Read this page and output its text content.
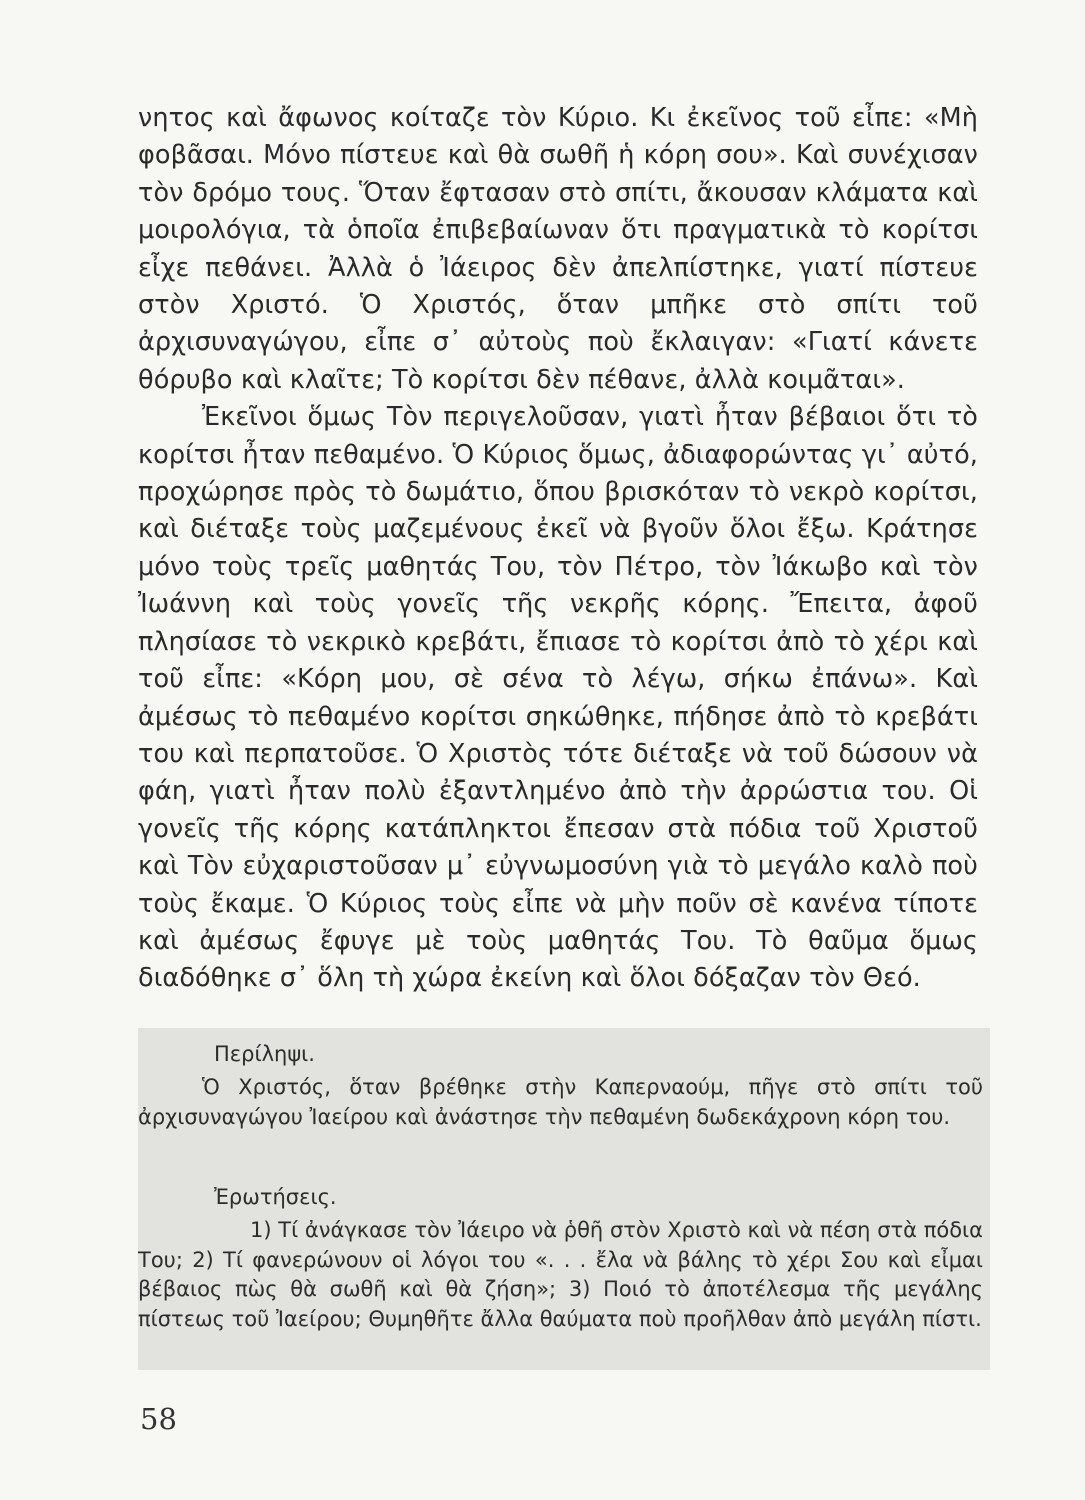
νητος καὶ ἄφωνος κοίταζε τὸν Κύριο. Κι ἐκεῖνος τοῦ εἶπε: «Μὴ φοβᾶσαι. Μόνο πίστευε καὶ θὰ σωθῆ ἡ κόρη σου». Καὶ συνέχισαν τὸν δρόμο τους. Ὅταν ἔφτασαν στὸ σπίτι, ἄκουσαν κλάματα καὶ μοιρολόγια, τὰ ὁποῖα ἐπιβεβαίωναν ὅτι πραγματικὰ τὸ κορίτσι εἶχε πεθάνει. Ἀλλὰ ὁ Ἰάειρος δὲν ἀπελπίστηκε, γιατί πίστευε στὸν Χριστό. Ὁ Χριστός, ὅταν μπῆκε στὸ σπίτι τοῦ ἀρχισυναγώγου, εἶπε σ᾽ αὐτοὺς ποὺ ἔκλαιγαν: «Γιατί κάνετε θόρυβο καὶ κλαῖτε; Τὸ κορίτσι δὲν πέθανε, ἀλλὰ κοιμᾶται».

Ἐκεῖνοι ὅμως Τὸν περιγελοῦσαν, γιατὶ ἦταν βέβαιοι ὅτι τὸ κορίτσι ἦταν πεθαμένο. Ὁ Κύριος ὅμως, ἀδιαφορώντας γι᾽ αὐτό, προχώρησε πρὸς τὸ δωμάτιο, ὅπου βρισκόταν τὸ νεκρὸ κορίτσι, καὶ διέταξε τοὺς μαζεμένους ἐκεῖ νὰ βγοῦν ὅλοι ἔξω. Κράτησε μόνο τοὺς τρεῖς μαθητάς Του, τὸν Πέτρο, τὸν Ἰάκωβο καὶ τὸν Ἰωάννη καὶ τοὺς γονεῖς τῆς νεκρῆς κόρης. Ἔπειτα, ἀφοῦ πλησίασε τὸ νεκρικὸ κρεβάτι, ἔπιασε τὸ κορίτσι ἀπὸ τὸ χέρι καὶ τοῦ εἶπε: «Κόρη μου, σὲ σένα τὸ λέγω, σήκω ἐπάνω». Καὶ ἀμέσως τὸ πεθαμένο κορίτσι σηκώθηκε, πήδησε ἀπὸ τὸ κρεβάτι του καὶ περπατοῦσε. Ὁ Χριστὸς τότε διέταξε νὰ τοῦ δώσουν νὰ φάη, γιατὶ ἦταν πολὺ ἐξαντλημένο ἀπὸ τὴν ἀρρώστια του. Οἱ γονεῖς τῆς κόρης κατάπληκτοι ἔπεσαν στὰ πόδια τοῦ Χριστοῦ καὶ Τὸν εὐχαριστοῦσαν μ᾽ εὐγνωμοσύνη γιὰ τὸ μεγάλο καλὸ ποὺ τοὺς ἔκαμε. Ὁ Κύριος τοὺς εἶπε νὰ μὴν ποῦν σὲ κανένα τίποτε καὶ ἀμέσως ἔφυγε μὲ τοὺς μαθητάς Του. Τὸ θαῦμα ὅμως διαδόθηκε σ᾽ ὅλη τὴ χώρα ἐκείνη καὶ ὅλοι δόξαζαν τὸν Θεό.

Περίληψι.

Ὁ Χριστός, ὅταν βρέθηκε στὴν Καπερναούμ, πῆγε στὸ σπίτι τοῦ ἀρχισυναγώγου Ἰαείρου καὶ ἀνάστησε τὴν πεθαμένη δωδεκάχρονη κόρη του.

Ἐρωτήσεις.

1) Τί ἀνάγκασε τὸν Ἰάειρο νὰ ῥθῆ στὸν Χριστὸ καὶ νὰ πέση στὰ πόδια Του; 2) Τί φανερώνουν οἱ λόγοι του «. . . ἔλα νὰ βάλης τὸ χέρι Σου καὶ εἶμαι βέβαιος πὼς θὰ σωθῆ καὶ θὰ ζήση»; 3) Ποιό τὸ ἀποτέλεσμα τῆς μεγάλης πίστεως τοῦ Ἰαείρου; Θυμηθῆτε ἄλλα θαύματα ποὺ προῆλθαν ἀπὸ μεγάλη πίστι.

58
